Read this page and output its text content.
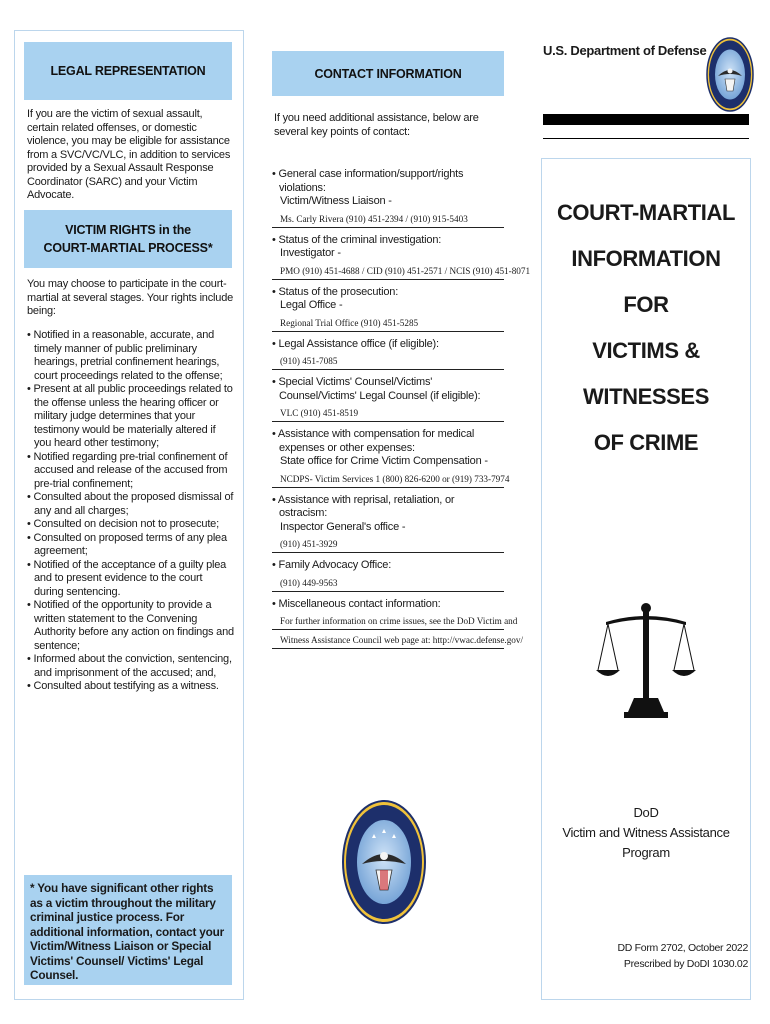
LEGAL REPRESENTATION
If you are the victim of sexual assault, certain related offenses, or domestic violence, you may be eligible for assistance from a SVC/VC/VLC, in addition to services provided by a Sexual Assault Response Coordinator (SARC) and your Victim Advocate.
VICTIM RIGHTS in the
COURT-MARTIAL PROCESS*
You may choose to participate in the court-martial at several stages. Your rights include being:
• Notified in a reasonable, accurate, and timely manner of public preliminary hearings, pretrial confinement hearings, court proceedings related to the offense;
• Present at all public proceedings related to the offense unless the hearing officer or military judge determines that your testimony would be materially altered if you heard other testimony;
• Notified regarding pre-trial confinement of accused and release of the accused from pre-trial confinement;
• Consulted about the proposed dismissal of any and all charges;
• Consulted on decision not to prosecute;
• Consulted on proposed terms of any plea agreement;
• Notified of the acceptance of a guilty plea and to present evidence to the court during sentencing.
• Notified of the opportunity to provide a written statement to the Convening Authority before any action on findings and sentence;
• Informed about the conviction, sentencing, and imprisonment of the accused; and,
• Consulted about testifying as a witness.
* You have significant other rights as a victim throughout the military criminal justice process. For additional information, contact your Victim/Witness Liaison or Special Victims' Counsel/ Victims' Legal Counsel.
CONTACT INFORMATION
If you need additional assistance, below are several key points of contact:
• General case information/support/rights violations:
Victim/Witness Liaison -
Ms. Carly Rivera (910) 451-2394 / (910) 915-5403
• Status of the criminal investigation:
Investigator -
PMO (910) 451-4688 / CID (910) 451-2571 / NCIS (910) 451-8071
• Status of the prosecution:
Legal Office -
Regional Trial Office (910) 451-5285
• Legal Assistance office (if eligible):
(910) 451-7085
• Special Victims' Counsel/Victims' Counsel/Victims' Legal Counsel (if eligible):
VLC (910) 451-8519
• Assistance with compensation for medical expenses or other expenses:
State office for Crime Victim Compensation -
NCDPS- Victim Services 1 (800) 826-6200 or (919) 733-7974
• Assistance with reprisal, retaliation, or ostracism:
Inspector General's office -
(910) 451-3929
• Family Advocacy Office:
(910) 449-9563
• Miscellaneous contact information:
For further information on crime issues, see the DoD Victim and
Witness Assistance Council web page at: http://vwac.defense.gov/
U.S. Department of Defense
COURT-MARTIAL
INFORMATION
FOR
VICTIMS & WITNESSES
OF CRIME
DoD
Victim and Witness Assistance Program
DD Form 2702, October 2022
Prescribed by DoDI 1030.02
